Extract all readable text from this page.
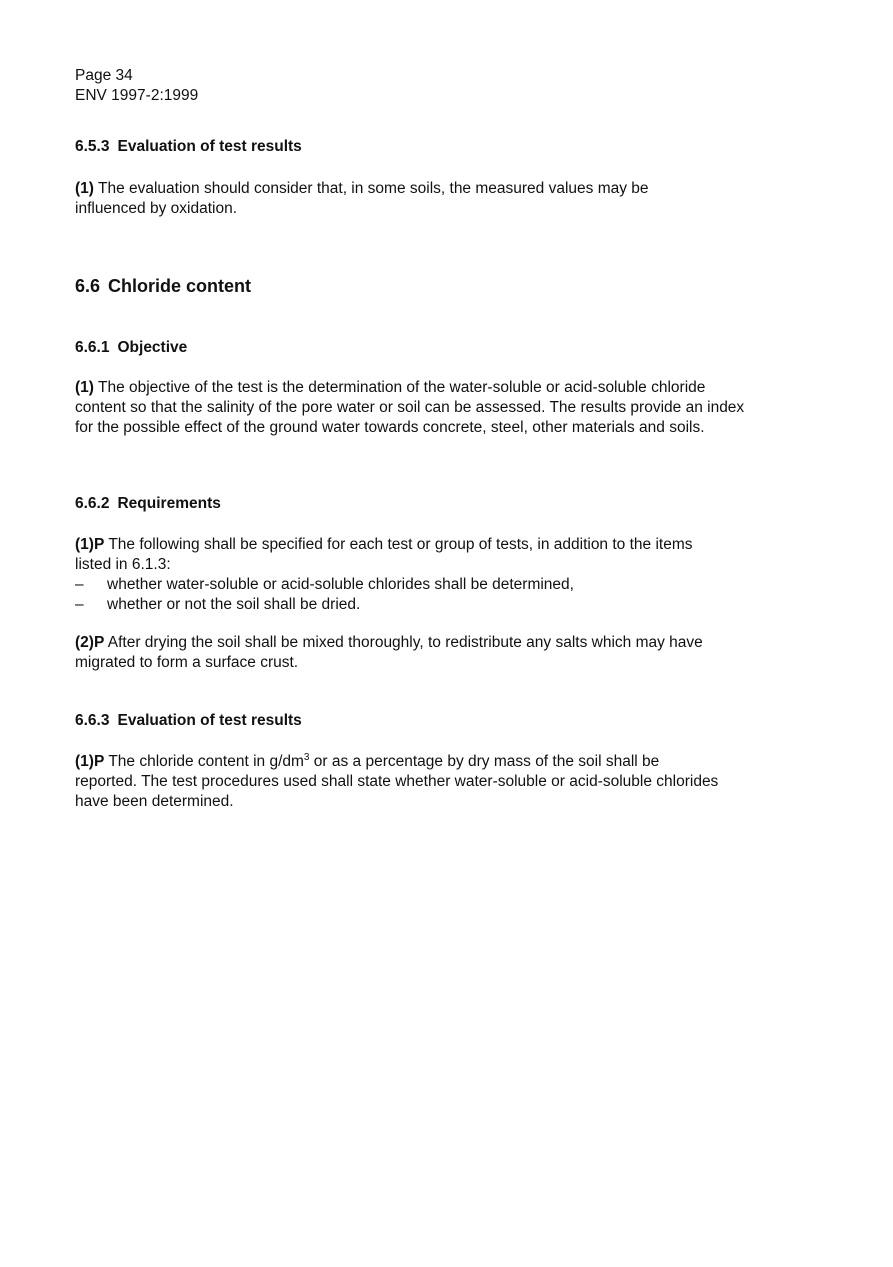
Page 34
ENV 1997-2:1999
6.5.3 Evaluation of test results
(1) The evaluation should consider that, in some soils, the measured values may be influenced by oxidation.
6.6 Chloride content
6.6.1 Objective
(1) The objective of the test is the determination of the water-soluble or acid-soluble chloride content so that the salinity of the pore water or soil can be assessed. The results provide an index for the possible effect of the ground water towards concrete, steel, other materials and soils.
6.6.2 Requirements
(1)P The following shall be specified for each test or group of tests, in addition to the items listed in 6.1.3:
– whether water-soluble or acid-soluble chlorides shall be determined,
– whether or not the soil shall be dried.
(2)P After drying the soil shall be mixed thoroughly, to redistribute any salts which may have migrated to form a surface crust.
6.6.3 Evaluation of test results
(1)P The chloride content in $g/dm^3$ or as a percentage by dry mass of the soil shall be reported. The test procedures used shall state whether water-soluble or acid-soluble chlorides have been determined.
